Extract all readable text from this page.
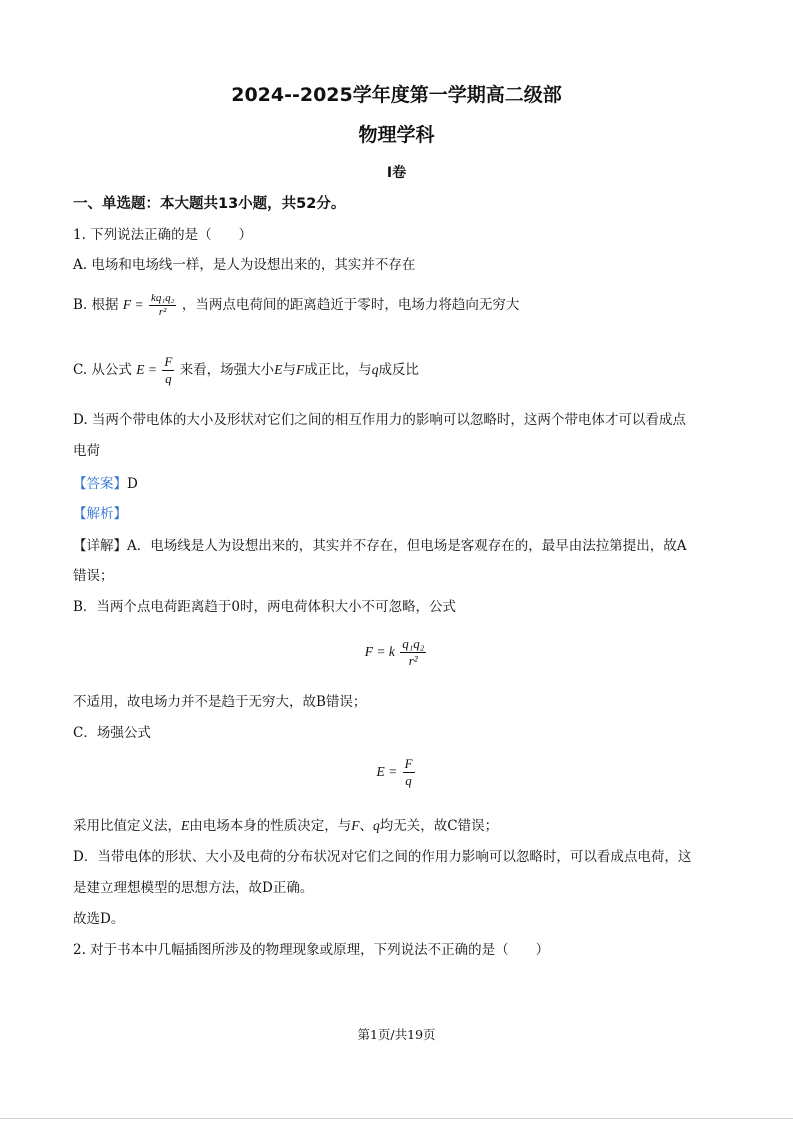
2024--2025学年度第一学期高二级部
物理学科
I卷
一、单选题：本大题共13小题，共52分。
1. 下列说法正确的是（　　）
A. 电场和电场线一样，是人为设想出来的，其实并不存在
B. 根据 $F = \frac{\text{kq₁q₂}}{\text{r²}}$ ，当两点电荷间的距离趋近于零时，电场力将趋向无穷大
C. 从公式 $E = \frac{F}{q}$ 来看，场强大小E与F成正比，与q成反比
D. 当两个带电体的大小及形状对它们之间的相互作用力的影响可以忽略时，这两个带电体才可以看成点
电荷
【答案】D
【解析】
【详解】A．电场线是人为设想出来的，其实并不存在，但电场是客观存在的，最早由法拉第提出，故A
错误；
B．当两个点电荷距离趋于0时，两电荷体积大小不可忽略，公式
F = k $\frac{\text{q₁q₂}}{\text{r²}}$
不适用，故电场力并不是趋于无穷大，故B错误；
C．场强公式
$E = \frac{F}{q}$
采用比值定义法，E由电场本身的性质决定，与F、q均无关，故C错误；
D．当带电体的形状、大小及电荷的分布状况对它们之间的作用力影响可以忽略时，可以看成点电荷，这
是建立理想模型的思想方法，故D正确。
故选D。
2. 对于书本中几幅插图所涉及的物理现象或原理，下列说法不正确的是（　　）
第1页/共19页
